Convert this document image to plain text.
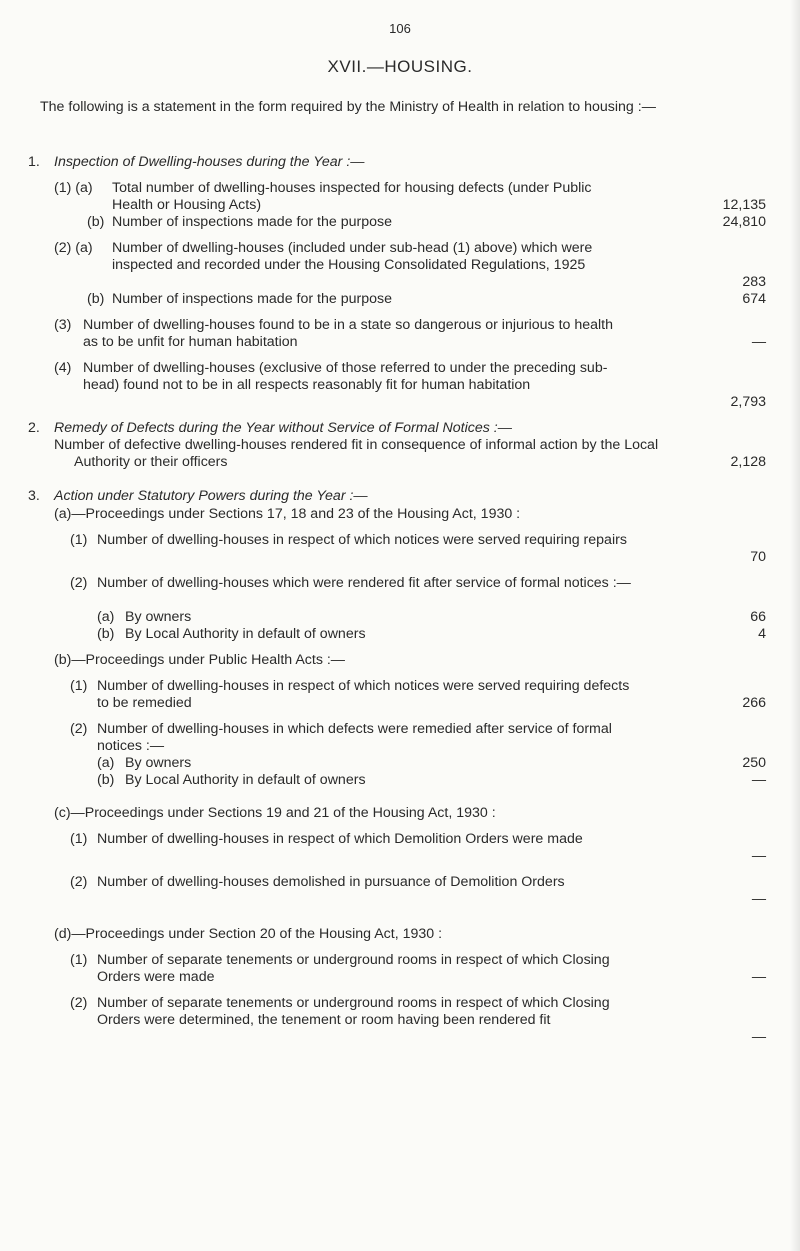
106
XVII.—HOUSING.
The following is a statement in the form required by the Ministry of Health in relation to housing :—
1. Inspection of Dwelling-houses during the Year :—
(1) (a) Total number of dwelling-houses inspected for housing defects (under Public Health or Housing Acts)	12,135
(b) Number of inspections made for the purpose	24,810
(2) (a) Number of dwelling-houses (included under sub-head (1) above) which were inspected and recorded under the Housing Consolidated Regulations, 1925
283
(b) Number of inspections made for the purpose	674
(3) Number of dwelling-houses found to be in a state so dangerous or injurious to health as to be unfit for human habitation	—
(4) Number of dwelling-houses (exclusive of those referred to under the preceding sub-head) found not to be in all respects reasonably fit for human habitation
2,793
2. Remedy of Defects during the Year without Service of Formal Notices :—
Number of defective dwelling-houses rendered fit in consequence of informal action by the Local Authority or their officers	2,128
3. Action under Statutory Powers during the Year :—
(a)—Proceedings under Sections 17, 18 and 23 of the Housing Act, 1930 :
(1) Number of dwelling-houses in respect of which notices were served requiring repairs
70
(2) Number of dwelling-houses which were rendered fit after service of formal notices :—
(a) By owners	66
(b) By Local Authority in default of owners	4
(b)—Proceedings under Public Health Acts :—
(1) Number of dwelling-houses in respect of which notices were served requiring defects to be remedied	266
(2) Number of dwelling-houses in which defects were remedied after service of formal notices :—
(a) By owners	250
(b) By Local Authority in default of owners	—
(c)—Proceedings under Sections 19 and 21 of the Housing Act, 1930 :
(1) Number of dwelling-houses in respect of which Demolition Orders were made
—
(2) Number of dwelling-houses demolished in pursuance of Demolition Orders
—
(d)—Proceedings under Section 20 of the Housing Act, 1930 :
(1) Number of separate tenements or underground rooms in respect of which Closing Orders were made	—
(2) Number of separate tenements or underground rooms in respect of which Closing Orders were determined, the tenement or room having been rendered fit
—
